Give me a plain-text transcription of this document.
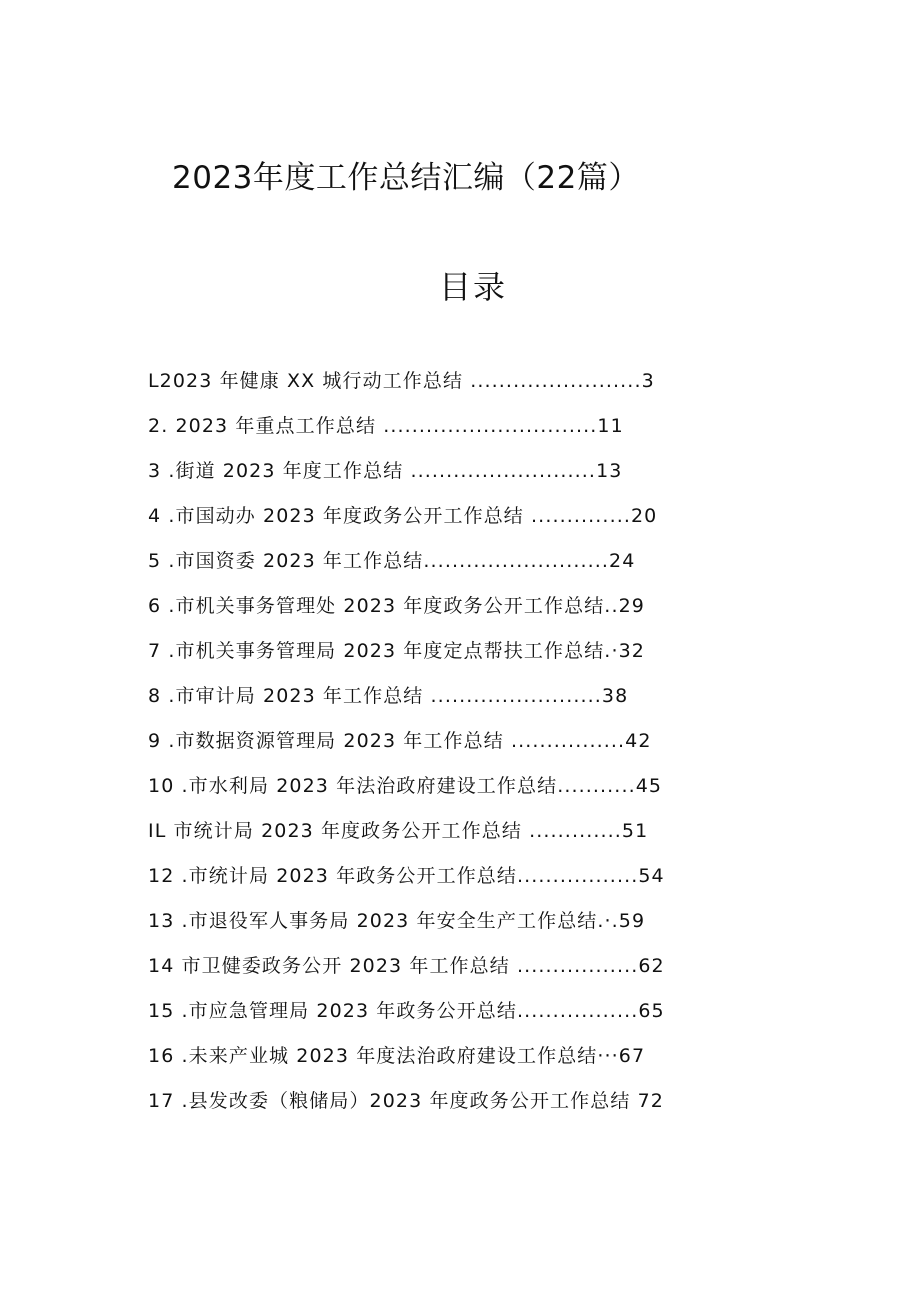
2023年度工作总结汇编（22篇）
目录
L2023 年健康 XX 城行动工作总结 ........................3
2. 2023 年重点工作总结 ..............................11
3 .街道 2023 年度工作总结 ..........................13
4 .市国动办 2023 年度政务公开工作总结 ..............20
5 .市国资委 2023 年工作总结..........................24
6 .市机关事务管理处 2023 年度政务公开工作总结..29
7 .市机关事务管理局 2023 年度定点帮扶工作总结.·32
8 .市审计局 2023 年工作总结 ........................38
9 .市数据资源管理局 2023 年工作总结 ................42
10 .市水利局 2023 年法治政府建设工作总结...........45
IL 市统计局 2023 年度政务公开工作总结 .............51
12 .市统计局 2023 年政务公开工作总结.................54
13 .市退役军人事务局 2023 年安全生产工作总结.·.59
14 市卫健委政务公开 2023 年工作总结 .................62
15 .市应急管理局 2023 年政务公开总结.................65
16 .未来产业城 2023 年度法治政府建设工作总结···67
17 .县发改委（粮储局）2023 年度政务公开工作总结 72
